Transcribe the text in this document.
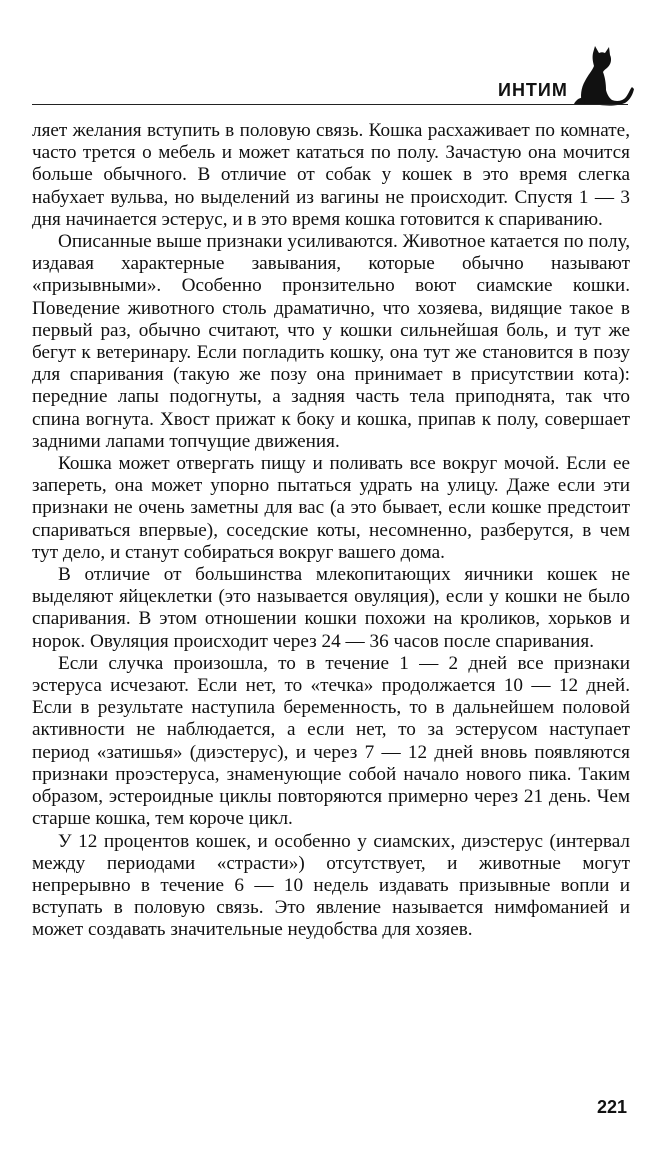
ИНТИМ

ляет желания вступить в половую связь. Кошка расхаживает по комнате, часто трется о мебель и может кататься по полу. Зачастую она мочится больше обычного. В отличие от собак у кошек в это время слегка набухает вульва, но выделений из вагины не происходит. Спустя 1 — 3 дня начинается эстерус, и в это время кошка готовится к спариванию.

Описанные выше признаки усиливаются. Животное катается по полу, издавая характерные завывания, которые обычно называют «призывными». Особенно пронзительно воют сиамские кошки. Поведение животного столь драматично, что хозяева, видящие такое в первый раз, обычно считают, что у кошки сильнейшая боль, и тут же бегут к ветеринару. Если погладить кошку, она тут же становится в позу для спаривания (такую же позу она принимает в присутствии кота): передние лапы подогнуты, а задняя часть тела приподнята, так что спина вогнута. Хвост прижат к боку и кошка, припав к полу, совершает задними лапами топчущие движения.

Кошка может отвергать пищу и поливать все вокруг мочой. Если ее запереть, она может упорно пытаться удрать на улицу. Даже если эти признаки не очень заметны для вас (а это бывает, если кошке предстоит спариваться впервые), соседские коты, несомненно, разберутся, в чем тут дело, и станут собираться вокруг вашего дома.

В отличие от большинства млекопитающих яичники кошек не выделяют яйцеклетки (это называется овуляция), если у кошки не было спаривания. В этом отношении кошки похожи на кроликов, хорьков и норок. Овуляция происходит через 24 — 36 часов после спаривания.

Если случка произошла, то в течение 1 — 2 дней все признаки эстеруса исчезают. Если нет, то «течка» продолжается 10 — 12 дней. Если в результате наступила беременность, то в дальнейшем половой активности не наблюдается, а если нет, то за эстерусом наступает период «затишья» (диэстерус), и через 7 — 12 дней вновь появляются признаки проэстеруса, знаменующие собой начало нового пика. Таким образом, эстероидные циклы повторяются примерно через 21 день. Чем старше кошка, тем короче цикл.

У 12 процентов кошек, и особенно у сиамских, диэстерус (интервал между периодами «страсти») отсутствует, и животные могут непрерывно в течение 6 — 10 недель издавать призывные вопли и вступать в половую связь. Это явление называется нимфоманией и может создавать значительные неудобства для хозяев.

221
